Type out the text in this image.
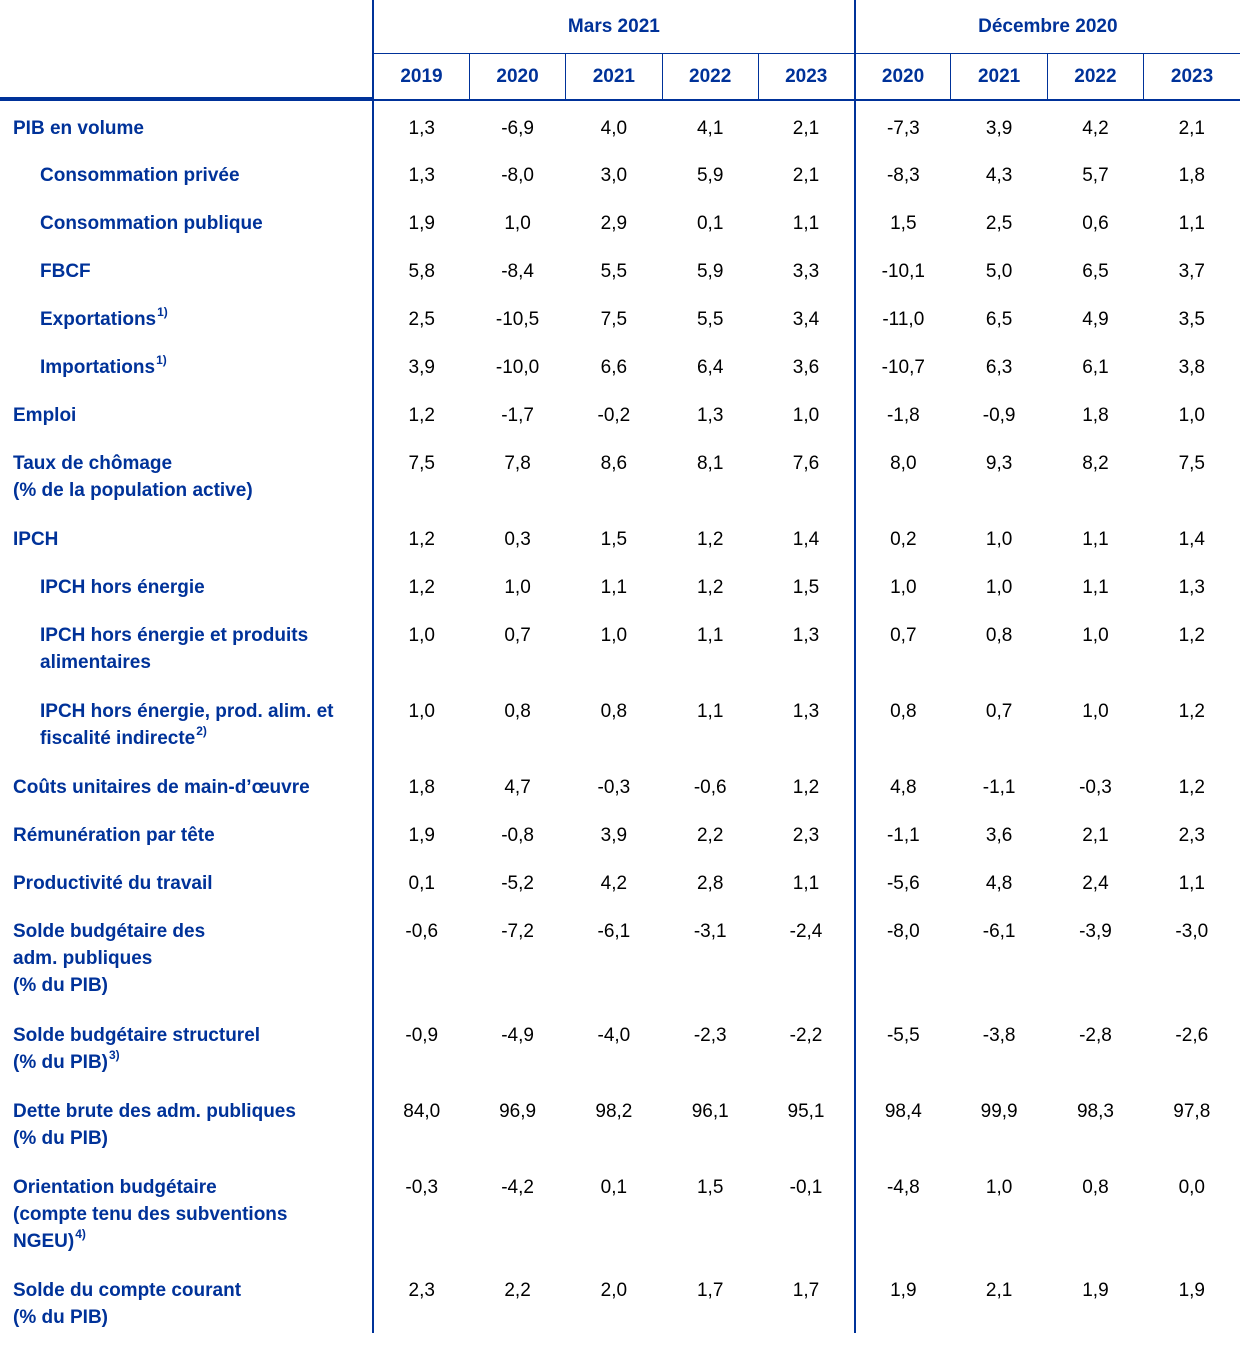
	Mars 2021					Décembre 2020			
	2019	2020	2021	2022	2023	2020	2021	2022	2023
PIB en volume	1,3	-6,9	4,0	4,1	2,1	-7,3	3,9	4,2	2,1
Consommation privée	1,3	-8,0	3,0	5,9	2,1	-8,3	4,3	5,7	1,8
Consommation publique	1,9	1,0	2,9	0,1	1,1	1,5	2,5	0,6	1,1
FBCF	5,8	-8,4	5,5	5,9	3,3	-10,1	5,0	6,5	3,7
Exportations$^{1)}$	2,5	-10,5	7,5	5,5	3,4	-11,0	6,5	4,9	3,5
Importations$^{1)}$	3,9	-10,0	6,6	6,4	3,6	-10,7	6,3	6,1	3,8
Emploi	1,2	-1,7	-0,2	1,3	1,0	-1,8	-0,9	1,8	1,0
Taux de chômage
(% de la population active)	7,5	7,8	8,6	8,1	7,6	8,0	9,3	8,2	7,5
IPCH	1,2	0,3	1,5	1,2	1,4	0,2	1,0	1,1	1,4
IPCH hors énergie	1,2	1,0	1,1	1,2	1,5	1,0	1,0	1,1	1,3
IPCH hors énergie et produits
alimentaires	1,0	0,7	1,0	1,1	1,3	0,7	0,8	1,0	1,2
IPCH hors énergie, prod. alim. et
fiscalité indirecte$^{2)}$	1,0	0,8	0,8	1,1	1,3	0,8	0,7	1,0	1,2
Coûts unitaires de main-d’œuvre	1,8	4,7	-0,3	-0,6	1,2	4,8	-1,1	-0,3	1,2
Rémunération par tête	1,9	-0,8	3,9	2,2	2,3	-1,1	3,6	2,1	2,3
Productivité du travail	0,1	-5,2	4,2	2,8	1,1	-5,6	4,8	2,4	1,1
Solde budgétaire des
adm. publiques
(% du PIB)	-0,6	-7,2	-6,1	-3,1	-2,4	-8,0	-6,1	-3,9	-3,0
Solde budgétaire structurel
(% du PIB)$^{3)}$	-0,9	-4,9	-4,0	-2,3	-2,2	-5,5	-3,8	-2,8	-2,6
Dette brute des adm. publiques
(% du PIB)	84,0	96,9	98,2	96,1	95,1	98,4	99,9	98,3	97,8
Orientation budgétaire
(compte tenu des subventions
NGEU)$^{4)}$	-0,3	-4,2	0,1	1,5	-0,1	-4,8	1,0	0,8	0,0
Solde du compte courant
(% du PIB)	2,3	2,2	2,0	1,7	1,7	1,9	2,1	1,9	1,9
